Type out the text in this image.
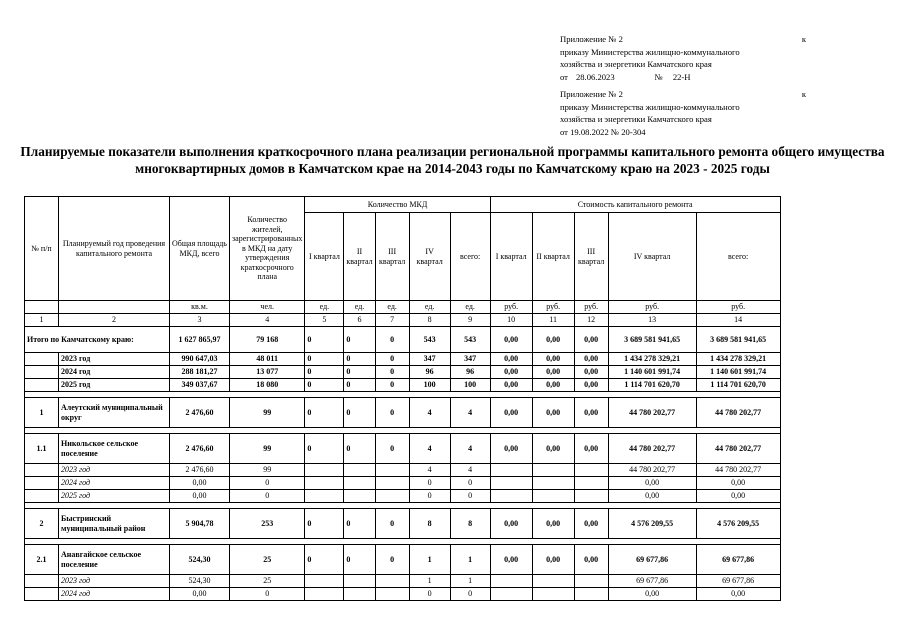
Приложение № 2	к
приказу Министерства жилищно-коммунального
хозяйства и энергетики Камчатского края
от 28.06.2023	№ 22-Н
Приложение № 2	к
приказу Министерства жилищно-коммунального
хозяйства и энергетики Камчатского края
от 19.08.2022 № 20-304
Планируемые показатели выполнения краткосрочного плана реализации региональной программы капитального ремонта общего имущества многоквартирных домов в Камчатском крае на 2014-2043 годы по Камчатскому краю на 2023 - 2025 годы
№ п/п	Планируемый год проведения капитального ремонта	Общая площадь МКД, всего	Количество жителей, зарегистрированных в МКД на дату утверждения краткосрочного плана	Количество МКД					Стоимость капитального ремонта				
				I квартал	II квартал	III квартал	IV квартал	всего:	I квартал	II квартал	III квартал	IV квартал	всего:
		кв.м.	чел.	ед.	ед.	ед.	ед.	ед.	руб.	руб.	руб.	руб.	руб.
1	2	3	4	5	6	7	8	9	10	11	12	13	14
Итого по Камчатскому краю:		1 627 865,97	79 168	0	0	0	543	543	0,00	0,00	0,00	3 689 581 941,65	3 689 581 941,65
	2023 год	990 647,03	48 011	0	0	0	347	347	0,00	0,00	0,00	1 434 278 329,21	1 434 278 329,21
	2024 год	288 181,27	13 077	0	0	0	96	96	0,00	0,00	0,00	1 140 601 991,74	1 140 601 991,74
	2025 год	349 037,67	18 080	0	0	0	100	100	0,00	0,00	0,00	1 114 701 620,70	1 114 701 620,70

1	Алеутский муниципальный округ	2 476,60	99	0	0	0	4	4	0,00	0,00	0,00	44 780 202,77	44 780 202,77

1.1	Никольское сельское поселение	2 476,60	99	0	0	0	4	4	0,00	0,00	0,00	44 780 202,77	44 780 202,77
	2023 год	2 476,60	99				4	4				44 780 202,77	44 780 202,77
	2024 год	0,00	0				0	0				0,00	0,00
	2025 год	0,00	0				0	0				0,00	0,00

2	Быстринский муниципальный район	5 904,78	253	0	0	0	8	8	0,00	0,00	0,00	4 576 209,55	4 576 209,55

2.1	Анавгайское сельское поселение	524,30	25	0	0	0	1	1	0,00	0,00	0,00	69 677,86	69 677,86
	2023 год	524,30	25				1	1				69 677,86	69 677,86
	2024 год	0,00	0				0	0				0,00	0,00
